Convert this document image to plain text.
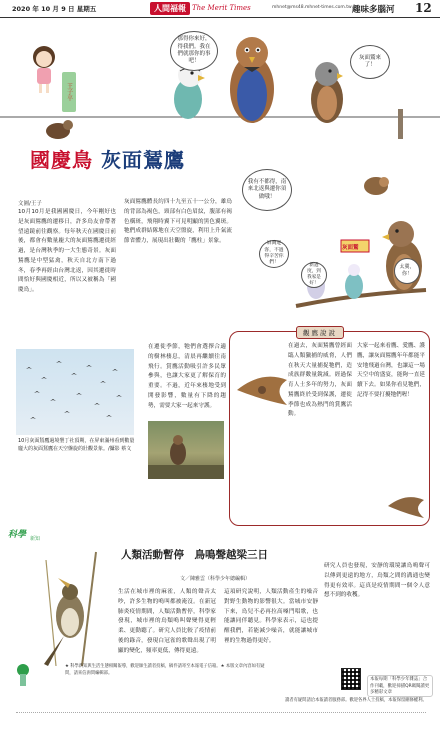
2020 年 10 月 9 日 星期五	人間福報 The Merit Times	mhnet@ms48.mhnet-times.com.tw 趣味多腦河 12
那得你來好，得我們。我在們就那你的事吧！
灰面鷲來了！
王子平
國慶鳥 灰面鵟鷹
我有不都得，南來北返與遷你須做哦！
灰面鷲
屏灣迎客，不過得辛苦你們！	新過度，到我家是好！
太冀，你！
文圖/王子
10月10月是我國國慶日，今年剛好也是灰面鵟鷹的遷移日，許多鳥友會帶著望遠鏡前往觀察。每年秋天在國慶日前後，都會有數量龐大的灰面鵟鷹遷徙經過，是台灣秋季的一大生態奇景。灰面鵟鷹是中型猛禽，秋天自北方南下過冬，春季再經由台灣北返，因其遷徙時間恰好與國慶相近，所以又被稱為「國慶鳥」。
灰面鵟鷹體長約四十九至五十一公分，雄鳥的背部為褐色，頸部有白色眉紋，腹部有褐色橫斑，飛翔時翼下可見明顯的黑色翼斑。牠們成群結隊地在天空盤旋，利用上升氣流節省體力，展現出壯觀的「鷹柱」景象。
在遷徙季節，牠們會選擇合適的樹林棲息，清晨再繼續往南飛行。賞鷹活動吸引許多民眾參與，也讓大家更了解保育的重要。不過，近年來棲地受到開發影響，數量有下降的趨勢，需要大家一起來守護。
10月灰面鵟鷹過境墾丁社頂期，在屏東滿州看到數量龐大的灰面鵟鷹在天空盤旋的壯觀景象。/攝影 蔡文
觀鷹說說
在過去，灰面鵟鷹曾經面臨人類獵捕的威脅，人們在秋天大量捕捉牠們，造成族群數量銳減。經過保育人士多年的努力，灰面鵟鷹終於受到保護，遷徙季節也成為熱門的賞鷹活動。
大家一起來看鷹、愛鷹、護鷹，讓灰面鵟鷹年年都能平安地飛過台灣，也讓這一場天空中的盛宴，能夠一直延續下去。如果你看見牠們，記得不要打擾牠們喔！
科學 新知
人類活動暫停　鳥鳴聲越梁三日
文／陳雅雲（科學少年總編輯）
生活在城市裡的麻雀，人類的聲音太吵，許多生物的鳴叫都被淹沒。在新冠肺炎疫情期間，人類活動暫停，科學家發現，城市裡的鳥類鳴叫聲變得更輕柔、更動聽了。研究人員比較了疫情前後的錄音，發現白冠雀的歌聲出現了明顯的變化，頻率更低，傳得更遠。
這項研究說明，人類活動產生的噪音對野生動物的影響很大。當城市安靜下來，鳥兒不必再拉高嗓門唱歌，也能讓同伴聽見。科學家表示，這也提醒我們，若能減少噪音，就能讓城市裡的生物過得更好。
研究人員也發現，安靜的環境讓鳥鳴聲可以傳到更遠的地方，鳥類之間的溝通也變得更有效率。這真是疫情期間一個令人意想不到的收穫。
★ 科學新知與生活生態相關報導，歡迎師生讀者投稿，稿件請寄至本報電子信箱。★ 本版文章內容如有疑問，請來信詢問編輯部。
本報每期「科學少年雜誌」合作刊載，歡迎掃描QR碼閱讀更多精彩文章
讀者有疑問請洽本報讀者服務部。歡迎各界人士投稿，本報保留刪修權利。
